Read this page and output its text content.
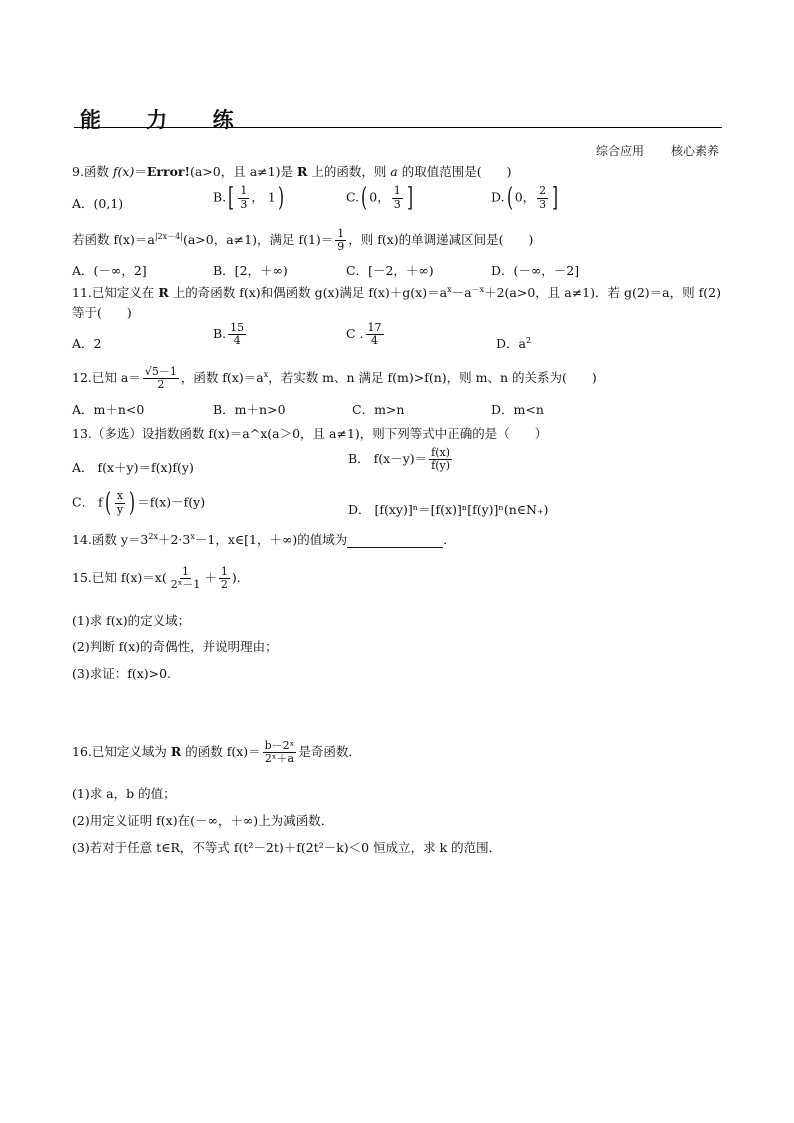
能 力 练
综合应用 核心素养
9.函数 f(x)＝Error!(a>0，且 a≠1)是 R 上的函数，则 a 的取值范围是(　　)
A．(0,1)	$B.[ \frac{1}{3}$ ， 1)	C.( 0， $\frac{1}{3}$ ]	D.( 0， $\frac{2}{3}$ ]
若函数 $f(x)=a^{|2x-4|}(a>0$，a≠1)，满足 $f(1)= \frac{1}{9}$ ，则 f(x)的单调递减区间是(　　)
A．(－∞，2]	B．[2，＋∞)	C．[－2，＋∞)	D．(－∞，－2]
11.已知定义在 R 上的奇函数 f(x)和偶函数 g(x)满足 $f(x)+g(x)=a^x-a^{-x}+2(a>0$，且 a≠1)．若 g(2)＝a，则 f(2)
等于(　　)
A．2
B. $\frac{15}{4}$	C . $\frac{17}{4}$	D．$a^2$
12.已知 $a= \frac{√5-1}{2}$ ，函数 $f(x)=a^x$，若实数 m、n 满足 f(m)>f(n)，则 m、n 的关系为(　　)
A．m＋n<0	B．m＋n>0	C．m>n	D．m<n
13.（多选）设指数函数 f(x)＝a^x(a＞0，且 a≠1)，则下列等式中正确的是（　　）
A． f(x＋y)＝f(x)f(y)
B． $f(x-y)= \frac{f(x)}{f(y)}$
C． $f( \frac{x}{y}$ ) ＝f(x)－f(y)	D． [f(xy)]ⁿ＝[f(x)]ⁿ[f(y)]ⁿ(n∈N₊)
14.函数 $y=3^{2x}+2\cdot 3^x-1$，x∈[1，＋∞)的值域为	．
15.已知 $f(x)=x( \frac{1}{\text{2ˣ－1}} + \frac{1}{2}$ )．
(1)求 f(x)的定义域；
(2)判断 f(x)的奇偶性，并说明理由；
(3)求证：f(x)>0.
16.已知定义域为 R 的函数 $f(x)= \frac{\text{b－2ˣ}}{\text{2ˣ＋a}}$ 是奇函数．
(1)求 a，b 的值；
(2)用定义证明 f(x)在(－∞，＋∞)上为减函数．
(3)若对于任意 t∈R，不等式 f(t²－2t)＋f(2t²－k)＜0 恒成立，求 k 的范围．
